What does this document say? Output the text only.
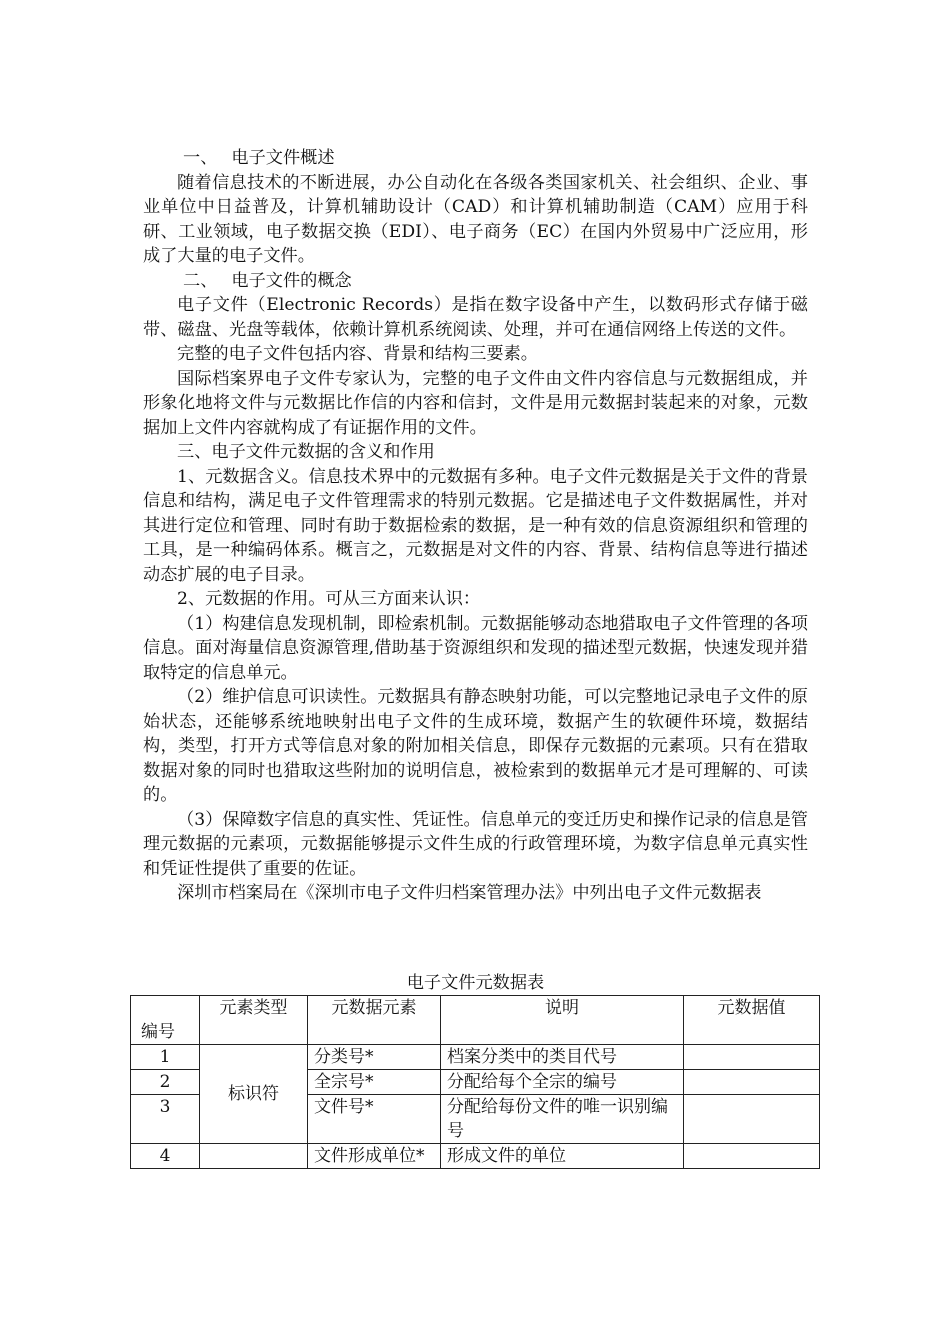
一、 电子文件概述

随着信息技术的不断进展，办公自动化在各级各类国家机关、社会组织、企业、事业单位中日益普及，计算机辅助设计（CAD）和计算机辅助制造（CAM）应用于科研、工业领域，电子数据交换（EDI）、电子商务（EC）在国内外贸易中广泛应用，形成了大量的电子文件。

二、 电子文件的概念

电子文件（Electronic Records）是指在数字设备中产生，以数码形式存储于磁带、磁盘、光盘等载体，依赖计算机系统阅读、处理，并可在通信网络上传送的文件。

完整的电子文件包括内容、背景和结构三要素。

国际档案界电子文件专家认为，完整的电子文件由文件内容信息与元数据组成，并形象化地将文件与元数据比作信的内容和信封，文件是用元数据封装起来的对象，元数据加上文件内容就构成了有证据作用的文件。

三、电子文件元数据的含义和作用

1、元数据含义。信息技术界中的元数据有多种。电子文件元数据是关于文件的背景信息和结构，满足电子文件管理需求的特别元数据。它是描述电子文件数据属性，并对其进行定位和管理、同时有助于数据检索的数据，是一种有效的信息资源组织和管理的工具，是一种编码体系。概言之，元数据是对文件的内容、背景、结构信息等进行描述动态扩展的电子目录。

2、元数据的作用。可从三方面来认识：

（1）构建信息发现机制，即检索机制。元数据能够动态地猎取电子文件管理的各项信息。面对海量信息资源管理,借助基于资源组织和发现的描述型元数据，快速发现并猎取特定的信息单元。

（2）维护信息可识读性。元数据具有静态映射功能，可以完整地记录电子文件的原始状态，还能够系统地映射出电子文件的生成环境，数据产生的软硬件环境，数据结构，类型，打开方式等信息对象的附加相关信息，即保存元数据的元素项。只有在猎取数据对象的同时也猎取这些附加的说明信息，被检索到的数据单元才是可理解的、可读的。

（3）保障数字信息的真实性、凭证性。信息单元的变迁历史和操作记录的信息是管理元数据的元素项，元数据能够提示文件生成的行政管理环境，为数字信息单元真实性和凭证性提供了重要的佐证。

深圳市档案局在《深圳市电子文件归档案管理办法》中列出电子文件元数据表

电子文件元数据表
编号	元素类型	元数据元素	说明	元数据值
1	标识符	分类号*	档案分类中的类目代号	
2		全宗号*	分配给每个全宗的编号	
3		文件号*	分配给每份文件的唯一识别编号	
4		文件形成单位*	形成文件的单位	
